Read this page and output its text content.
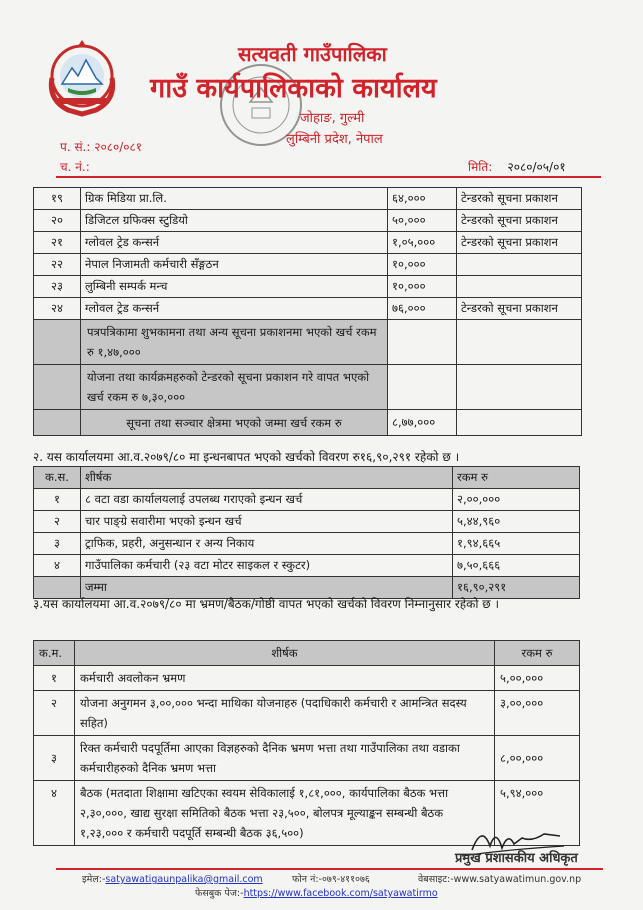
सत्यवती गाउँपालिका
गाउँ कार्यपालिकाको कार्यालय
जोहाङ, गुल्मी
लुम्बिनी प्रदेश, नेपाल
प. सं.: २०८०/०८१
च. नं.:	मिति: २०८०/०५/०१
१९	ग्रिक मिडिया प्रा.लि.	६४,०००	टेन्डरको सूचना प्रकाशन
२०	डिजिटल ग्रफिक्स स्टुडियो	५०,०००	टेन्डरको सूचना प्रकाशन
२१	ग्लोवल ट्रेड कन्सर्न	१,०५,०००	टेन्डरको सूचना प्रकाशन
२२	नेपाल निजामती कर्मचारी सँङ्गठन	१०,०००	
२३	लुम्बिनी सम्पर्क मन्च	१०,०००	
२४	ग्लोवल ट्रेड कन्सर्न	७६,०००	टेन्डरको सूचना प्रकाशन
	पत्रपत्रिकामा शुभकामना तथा अन्य सूचना प्रकाशनमा भएको खर्च रकम रु १,४७,०००		
	योजना तथा कार्यक्रमहरुको टेन्डरको सूचना प्रकाशन गरे वापत भएको खर्च रकम रु ७,३०,०००		
	सूचना तथा सञ्चार क्षेत्रमा भएको जम्मा खर्च रकम रु	८,७७,०००	
२. यस कार्यालयमा आ.व.२०७९/८० मा इन्धनबापत भएको खर्चको विवरण रु१६,९०,२९१ रहेको छ ।
क.स.	शीर्षक	रकम रु
१	८ वटा वडा कार्यालयलाई उपलब्ध गराएको इन्धन खर्च	२,००,०००
२	चार पाङ्ग्रे सवारीमा भएको इन्धन खर्च	५,४४,९६०
३	ट्राफिक, प्रहरी, अनुसन्धान र अन्य निकाय	१,९४,६६५
४	गाउँपालिका कर्मचारी (२३ वटा मोटर साइकल र स्कुटर)	७,५०,६६६
	जम्मा	१६,९०,२९१
३.यस कार्यालयमा आ.व.२०७९/८० मा भ्रमण/बैठक/गोष्ठी वापत भएको खर्चको विवरण निम्नानुसार रहेको छ ।
क.म.	शीर्षक	रकम रु
१	कर्मचारी अवलोकन भ्रमण	५,००,०००
२	योजना अनुगमन ३,००,००० भन्दा माथिका योजनाहरु (पदाधिकारी कर्मचारी र आमन्त्रित सदस्य सहित)	३,००,०००
३	रिक्त कर्मचारी पदपूर्तिमा आएका विज्ञहरुको दैनिक भ्रमण भत्ता तथा गाउँपालिका तथा वडाका कर्मचारीहरुको दैनिक भ्रमण भत्ता	८,००,०००
४	बैठक (मतदाता शिक्षामा खटिएका स्वयम सेविकालाई १,८१,०००, कार्यपालिका बैठक भत्ता २,३०,०००, खाद्य सुरक्षा समितिको बैठक भत्ता २३,५००, बोलपत्र मूल्याङ्कन सम्बन्धी बैठक १,२३,००० र कर्मचारी पदपूर्ति सम्बन्धी बैठक ३६,५००)	५,९४,०००
प्रमुख प्रशासकीय अधिकृत
इमेल:-satyawatigaunpalika@gmail.com	फोन नं:-०७९-४११०७६	वेबसाइट:-www.satyawatimun.gov.np
फेसबुक पेज:-https://www.facebook.com/satyawatirmo
